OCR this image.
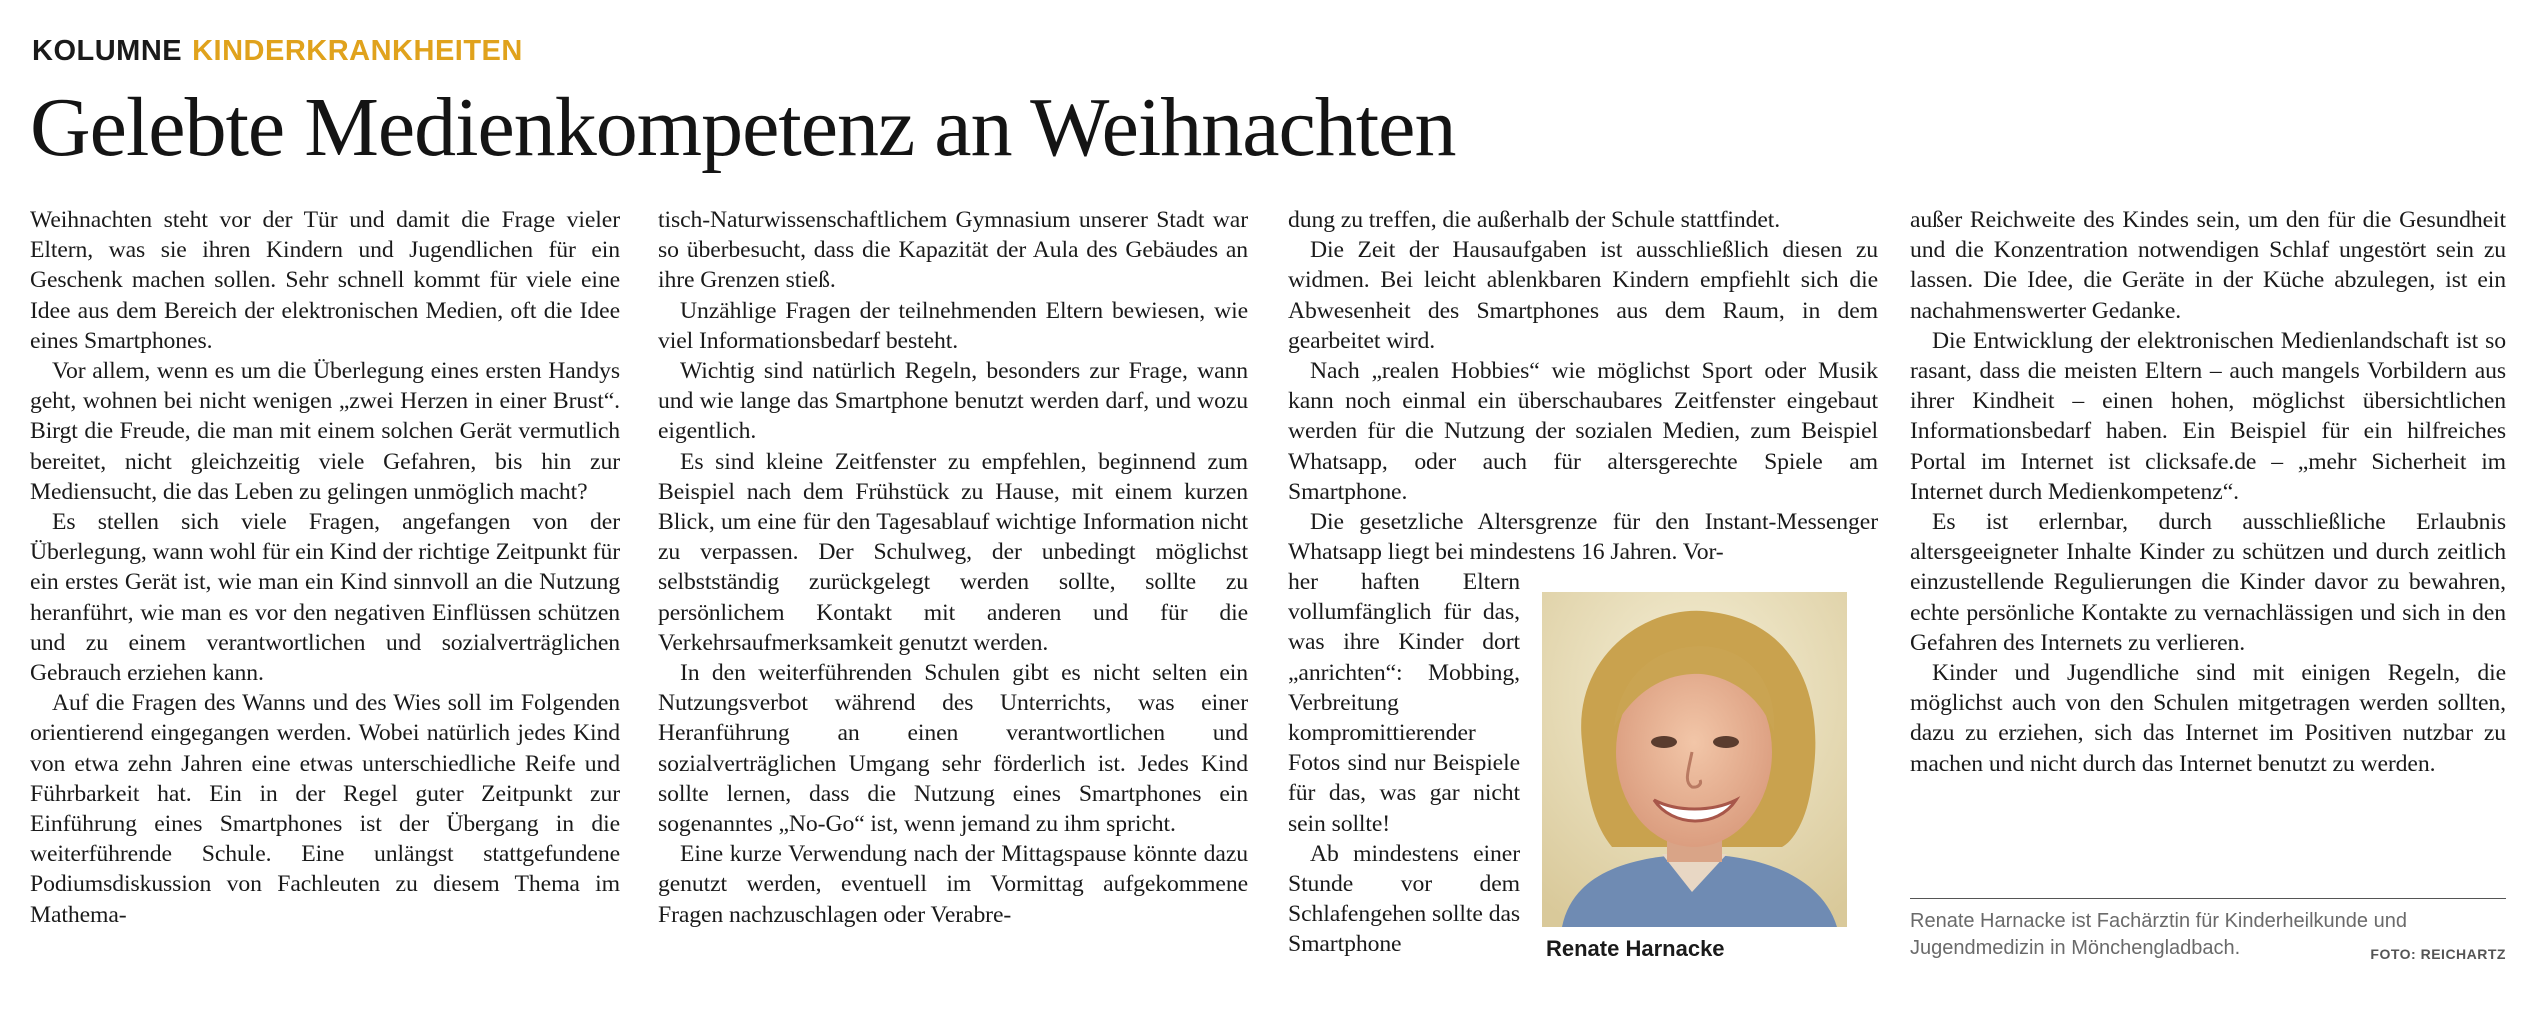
KOLUMNE KINDERKRANKHEITEN
Gelebte Medienkompetenz an Weihnachten

Weihnachten steht vor der Tür und damit die Frage vieler Eltern, was sie ihren Kindern und Jugendlichen für ein Geschenk machen sollen. Sehr schnell kommt für viele eine Idee aus dem Bereich der elektronischen Medien, oft die Idee eines Smartphones.

Vor allem, wenn es um die Überlegung eines ersten Handys geht, wohnen bei nicht wenigen „zwei Herzen in einer Brust“. Birgt die Freude, die man mit einem solchen Gerät vermutlich bereitet, nicht gleichzeitig viele Gefahren, bis hin zur Mediensucht, die das Leben zu gelingen unmöglich macht?

Es stellen sich viele Fragen, angefangen von der Überlegung, wann wohl für ein Kind der richtige Zeitpunkt für ein erstes Gerät ist, wie man ein Kind sinnvoll an die Nutzung heranführt, wie man es vor den negativen Einflüssen schützen und zu einem verantwortlichen und sozialverträglichen Gebrauch erziehen kann.

Auf die Fragen des Wanns und des Wies soll im Folgenden orientierend eingegangen werden. Wobei natürlich jedes Kind von etwa zehn Jahren eine etwas unterschiedliche Reife und Führbarkeit hat. Ein in der Regel guter Zeitpunkt zur Einführung eines Smartphones ist der Übergang in die weiterführende Schule. Eine unlängst stattgefundene Podiumsdiskussion von Fachleuten zu diesem Thema im Mathema-

tisch-Naturwissenschaftlichem Gymnasium unserer Stadt war so überbesucht, dass die Kapazität der Aula des Gebäudes an ihre Grenzen stieß.

Unzählige Fragen der teilnehmenden Eltern bewiesen, wie viel Informationsbedarf besteht.

Wichtig sind natürlich Regeln, besonders zur Frage, wann und wie lange das Smartphone benutzt werden darf, und wozu eigentlich.

Es sind kleine Zeitfenster zu empfehlen, beginnend zum Beispiel nach dem Frühstück zu Hause, mit einem kurzen Blick, um eine für den Tagesablauf wichtige Information nicht zu verpassen. Der Schulweg, der unbedingt möglichst selbstständig zurückgelegt werden sollte, sollte zu persönlichem Kontakt mit anderen und für die Verkehrsaufmerksamkeit genutzt werden.

In den weiterführenden Schulen gibt es nicht selten ein Nutzungsverbot während des Unterrichts, was einer Heranführung an einen verantwortlichen und sozialverträglichen Umgang sehr förderlich ist. Jedes Kind sollte lernen, dass die Nutzung eines Smartphones ein sogenanntes „No-Go“ ist, wenn jemand zu ihm spricht.

Eine kurze Verwendung nach der Mittagspause könnte dazu genutzt werden, eventuell im Vormittag aufgekommene Fragen nachzuschlagen oder Verabre-

dung zu treffen, die außerhalb der Schule stattfindet.

Die Zeit der Hausaufgaben ist ausschließlich diesen zu widmen. Bei leicht ablenkbaren Kindern empfiehlt sich die Abwesenheit des Smartphones aus dem Raum, in dem gearbeitet wird.

Nach „realen Hobbies“ wie möglichst Sport oder Musik kann noch einmal ein überschaubares Zeitfenster eingebaut werden für die Nutzung der sozialen Medien, zum Beispiel Whatsapp, oder auch für altersgerechte Spiele am Smartphone.

Die gesetzliche Altersgrenze für den Instant-Messenger Whatsapp liegt bei mindestens 16 Jahren. Vor-

her haften Eltern vollumfänglich für das, was ihre Kinder dort „anrichten“: Mobbing, Verbreitung kompromittierender Fotos sind nur Beispiele für das, was gar nicht sein sollte!

Ab mindestens einer Stunde vor dem Schlafengehen sollte das Smartphone	Renate Harnacke

außer Reichweite des Kindes sein, um den für die Gesundheit und die Konzentration notwendigen Schlaf ungestört sein zu lassen. Die Idee, die Geräte in der Küche abzulegen, ist ein nachahmenswerter Gedanke.

Die Entwicklung der elektronischen Medienlandschaft ist so rasant, dass die meisten Eltern – auch mangels Vorbildern aus ihrer Kindheit – einen hohen, möglichst übersichtlichen Informationsbedarf haben. Ein Beispiel für ein hilfreiches Portal im Internet ist clicksafe.de – „mehr Sicherheit im Internet durch Medienkompetenz“.

Es ist erlernbar, durch ausschließliche Erlaubnis altersgeeigneter Inhalte Kinder zu schützen und durch zeitlich einzustellende Regulierungen die Kinder davor zu bewahren, echte persönliche Kontakte zu vernachlässigen und sich in den Gefahren des Internets zu verlieren.

Kinder und Jugendliche sind mit einigen Regeln, die möglichst auch von den Schulen mitgetragen werden sollten, dazu zu erziehen, sich das Internet im Positiven nutzbar zu machen und nicht durch das Internet benutzt zu werden.

Renate Harnacke ist Fachärztin für Kinderheilkunde und Jugendmedizin in Mönchengladbach.	FOTO: REICHARTZ
